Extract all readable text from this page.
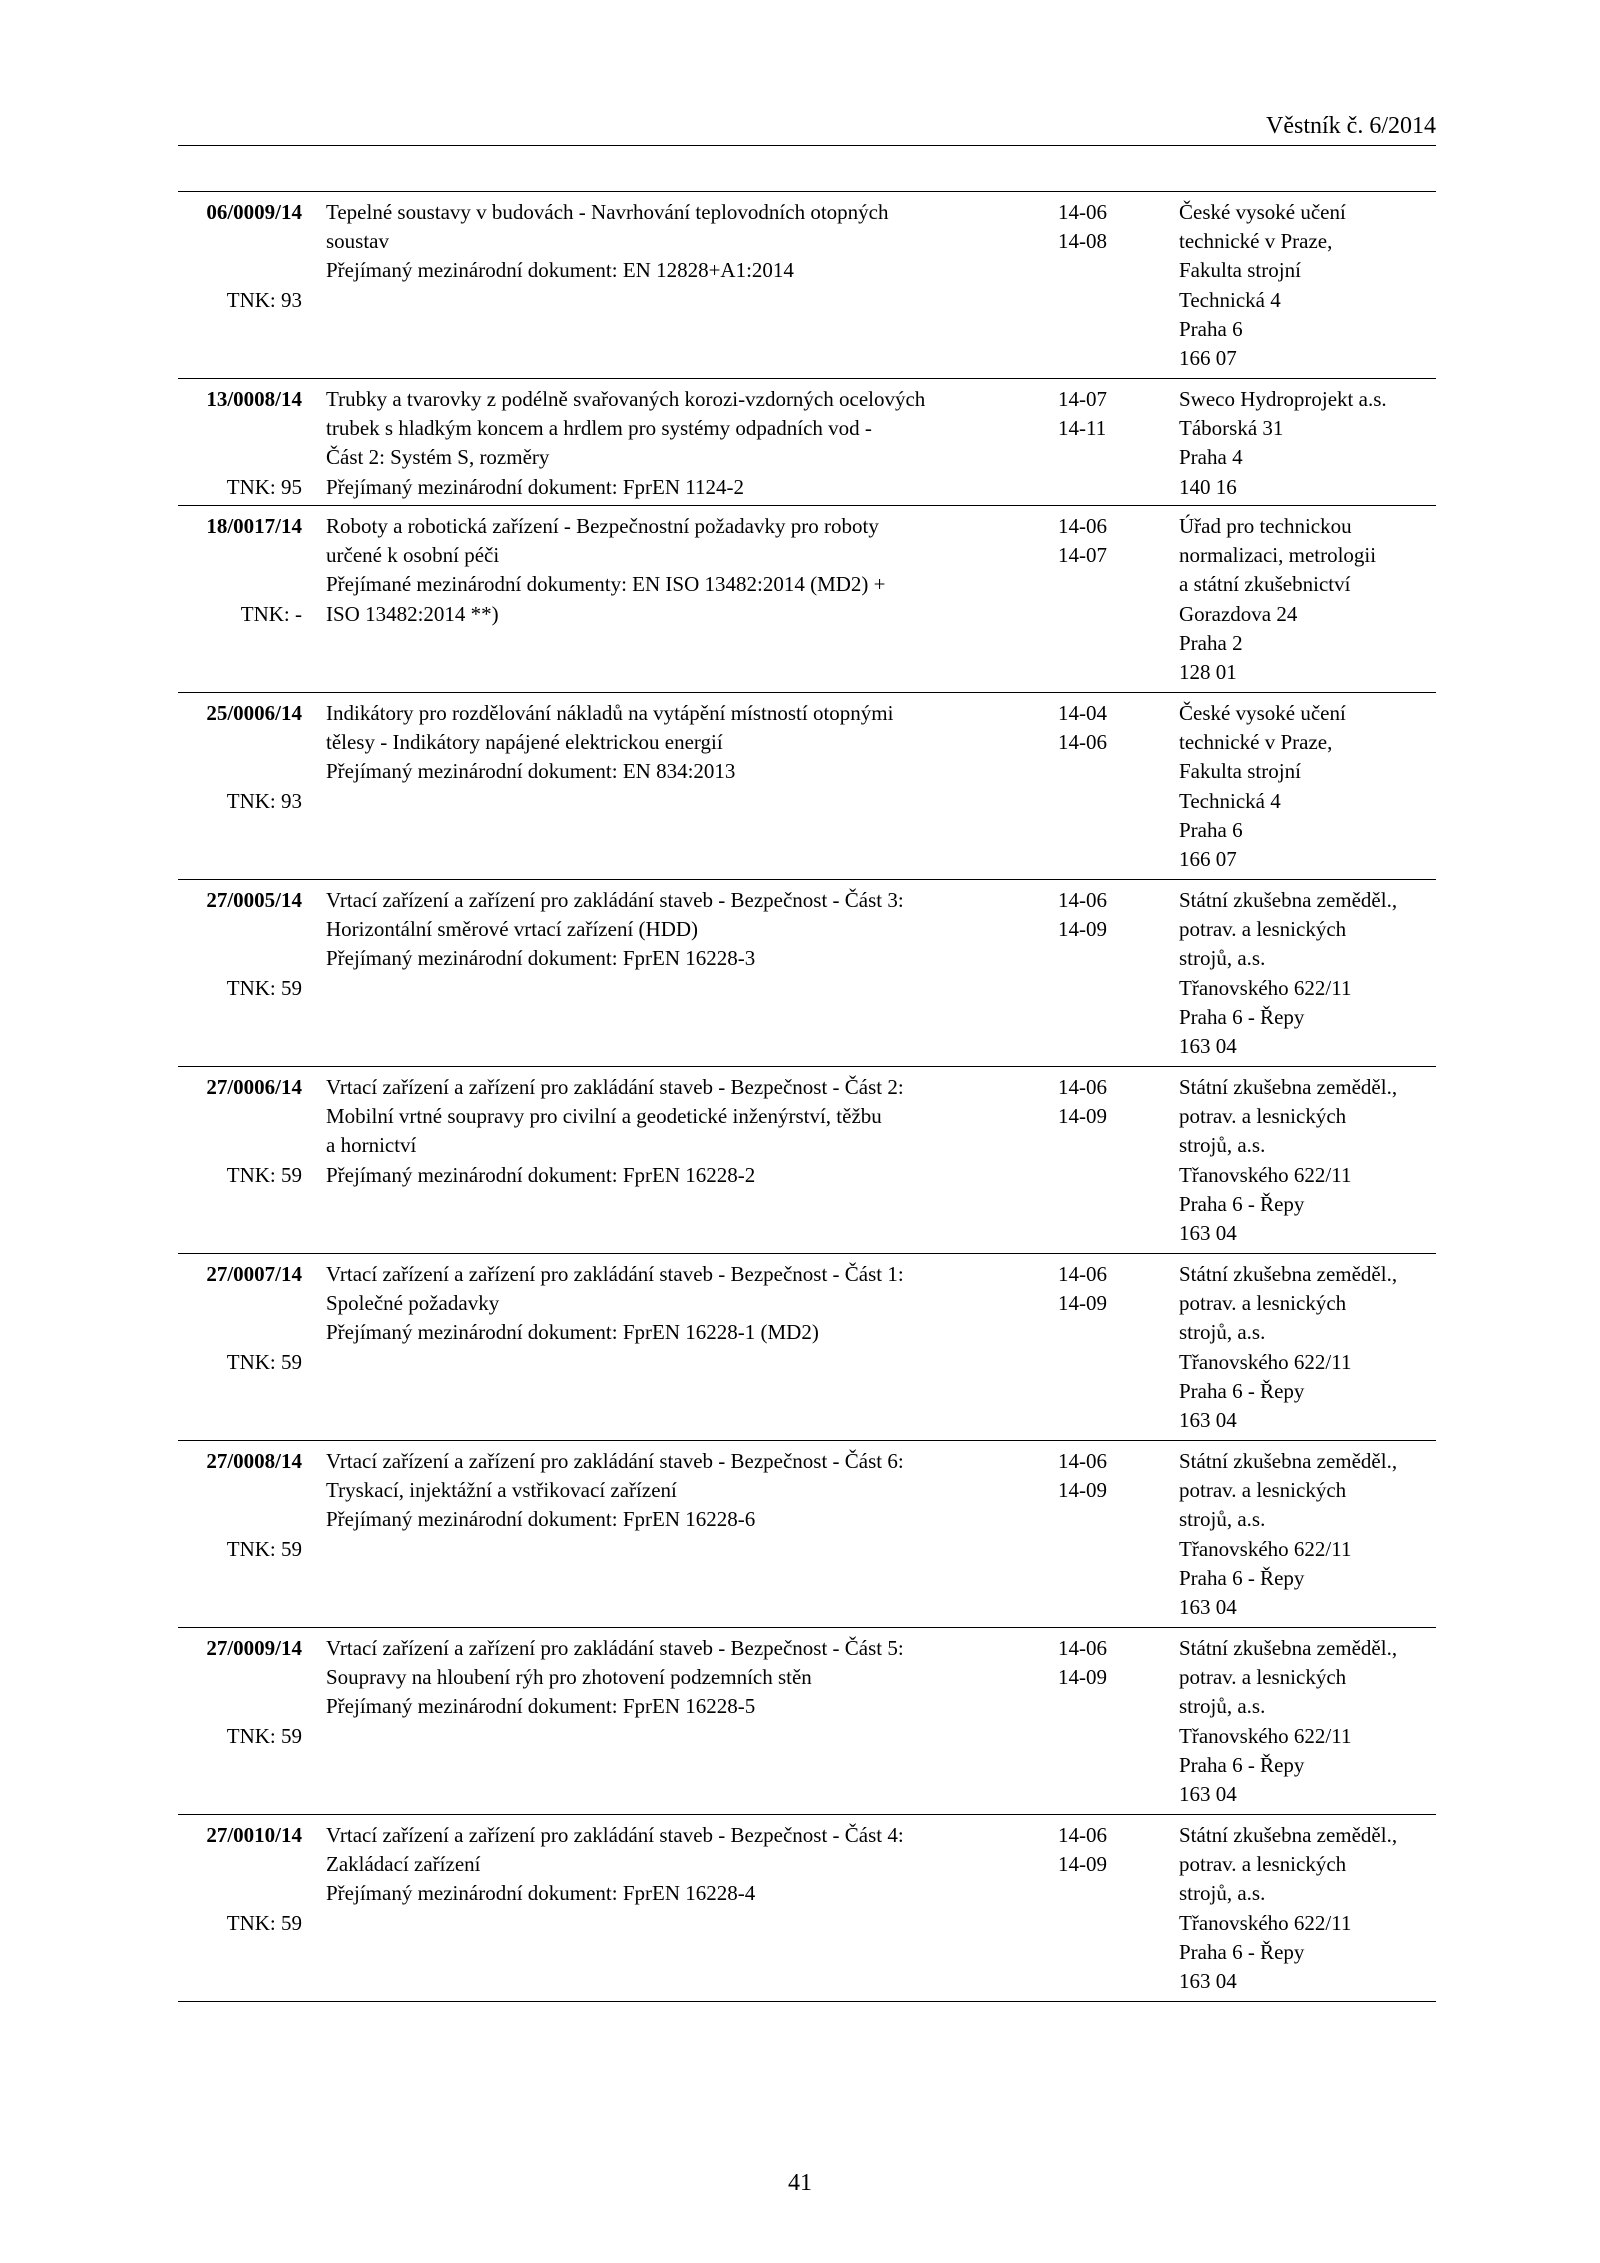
Věstník č. 6/2014
06/0009/14
TNK: 93
Tepelné soustavy v budovách - Navrhování teplovodních otopných
soustav
Přejímaný mezinárodní dokument: EN 12828+A1:2014
14-06
14-08
České vysoké učení
technické v Praze,
Fakulta strojní
Technická 4
Praha 6
166 07
13/0008/14
TNK: 95
Trubky a tvarovky z podélně svařovaných korozi-vzdorných ocelových
trubek s hladkým koncem a hrdlem pro systémy odpadních vod -
Část 2: Systém S, rozměry
Přejímaný mezinárodní dokument: FprEN 1124-2
14-07
14-11
Sweco Hydroprojekt a.s.
Táborská 31
Praha 4
140 16
18/0017/14
TNK: -
Roboty a robotická zařízení - Bezpečnostní požadavky pro roboty
určené k osobní péči
Přejímané mezinárodní dokumenty: EN ISO 13482:2014 (MD2) +
ISO 13482:2014 **)
14-06
14-07
Úřad pro technickou
normalizaci, metrologii
a státní zkušebnictví
Gorazdova 24
Praha 2
128 01
25/0006/14
TNK: 93
Indikátory pro rozdělování nákladů na vytápění místností otopnými
tělesy - Indikátory napájené elektrickou energií
Přejímaný mezinárodní dokument: EN 834:2013
14-04
14-06
České vysoké učení
technické v Praze,
Fakulta strojní
Technická 4
Praha 6
166 07
27/0005/14
TNK: 59
Vrtací zařízení a zařízení pro zakládání staveb - Bezpečnost - Část 3:
Horizontální směrové vrtací zařízení (HDD)
Přejímaný mezinárodní dokument: FprEN 16228-3
14-06
14-09
Státní zkušebna zeměděl.,
potrav. a lesnických
strojů, a.s.
Třanovského 622/11
Praha 6 - Řepy
163 04
27/0006/14
TNK: 59
Vrtací zařízení a zařízení pro zakládání staveb - Bezpečnost - Část 2:
Mobilní vrtné soupravy pro civilní a geodetické inženýrství, těžbu
a hornictví
Přejímaný mezinárodní dokument: FprEN 16228-2
14-06
14-09
Státní zkušebna zeměděl.,
potrav. a lesnických
strojů, a.s.
Třanovského 622/11
Praha 6 - Řepy
163 04
27/0007/14
TNK: 59
Vrtací zařízení a zařízení pro zakládání staveb - Bezpečnost - Část 1:
Společné požadavky
Přejímaný mezinárodní dokument: FprEN 16228-1 (MD2)
14-06
14-09
Státní zkušebna zeměděl.,
potrav. a lesnických
strojů, a.s.
Třanovského 622/11
Praha 6 - Řepy
163 04
27/0008/14
TNK: 59
Vrtací zařízení a zařízení pro zakládání staveb - Bezpečnost - Část 6:
Tryskací, injektážní a vstřikovací zařízení
Přejímaný mezinárodní dokument: FprEN 16228-6
14-06
14-09
Státní zkušebna zeměděl.,
potrav. a lesnických
strojů, a.s.
Třanovského 622/11
Praha 6 - Řepy
163 04
27/0009/14
TNK: 59
Vrtací zařízení a zařízení pro zakládání staveb - Bezpečnost - Část 5:
Soupravy na hloubení rýh pro zhotovení podzemních stěn
Přejímaný mezinárodní dokument: FprEN 16228-5
14-06
14-09
Státní zkušebna zeměděl.,
potrav. a lesnických
strojů, a.s.
Třanovského 622/11
Praha 6 - Řepy
163 04
27/0010/14
TNK: 59
Vrtací zařízení a zařízení pro zakládání staveb - Bezpečnost - Část 4:
Zakládací zařízení
Přejímaný mezinárodní dokument: FprEN 16228-4
14-06
14-09
Státní zkušebna zeměděl.,
potrav. a lesnických
strojů, a.s.
Třanovského 622/11
Praha 6 - Řepy
163 04
41
